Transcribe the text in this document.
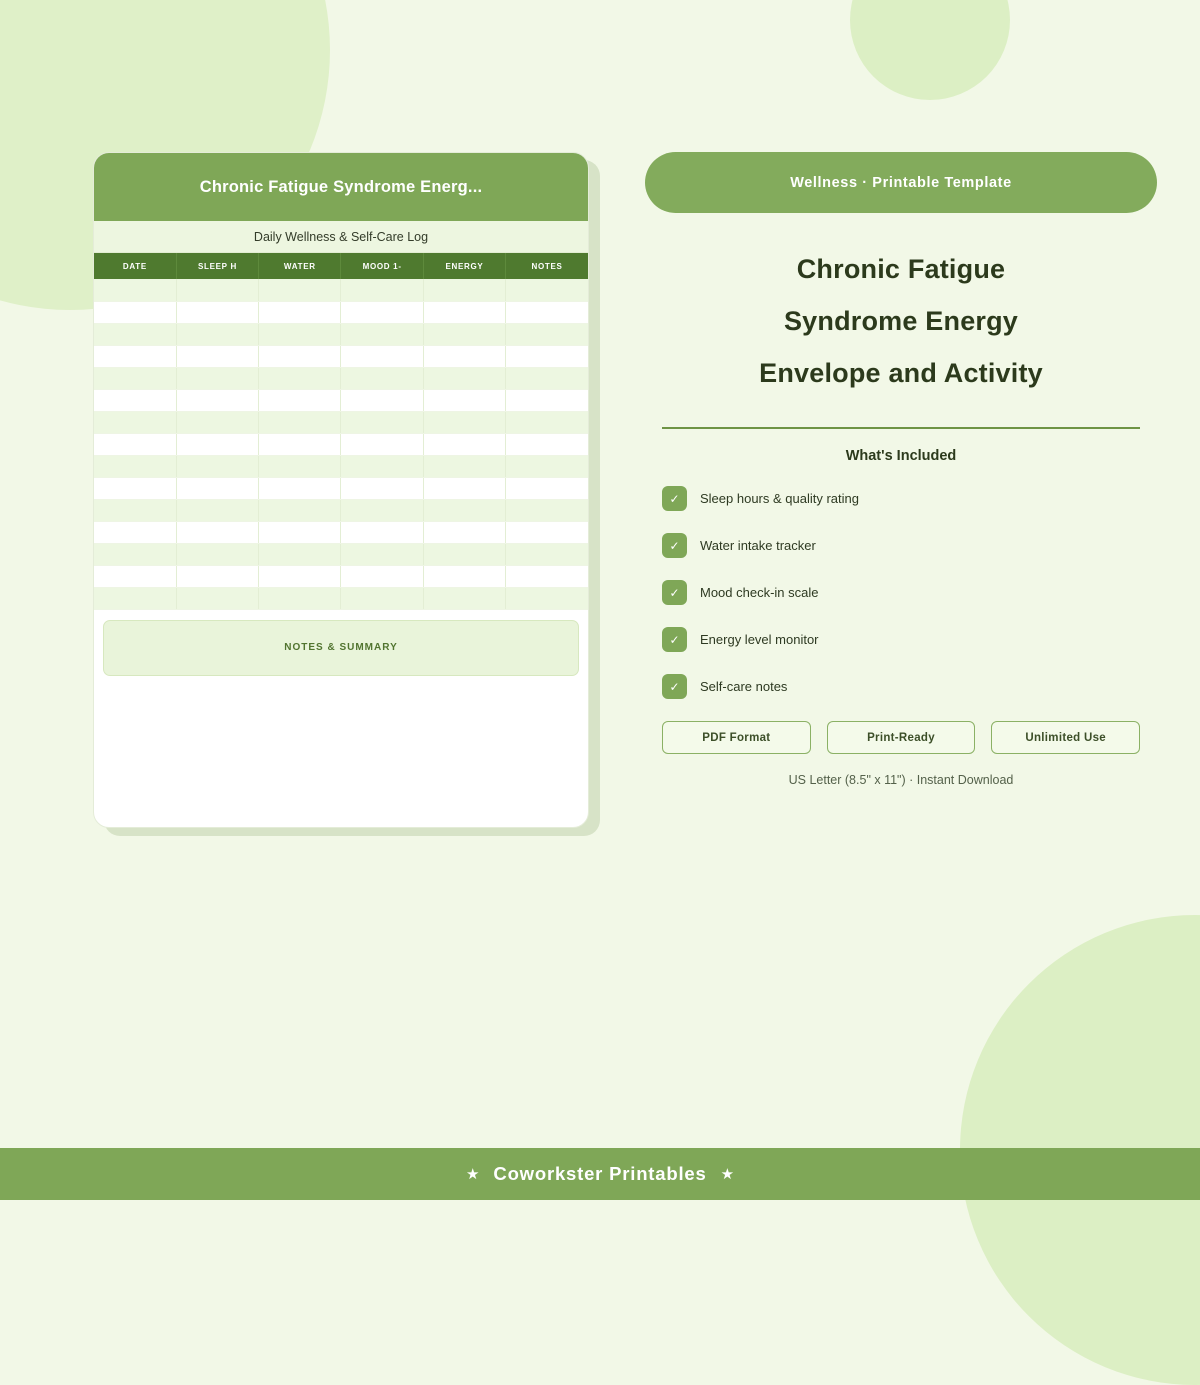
Chronic Fatigue Syndrome Energ...
Daily Wellness & Self-Care Log
DATE	SLEEP H	WATER	MOOD 1-	ENERGY	NOTES

NOTES & SUMMARY
Wellness · Printable Template
Chronic Fatigue
Syndrome Energy
Envelope and Activity
What's Included
✓	Sleep hours & quality rating
✓	Water intake tracker
✓	Mood check-in scale
✓	Energy level monitor
✓	Self-care notes
PDF Format	Print-Ready	Unlimited Use
US Letter (8.5" x 11") · Instant Download
★ Coworkster Printables ★
